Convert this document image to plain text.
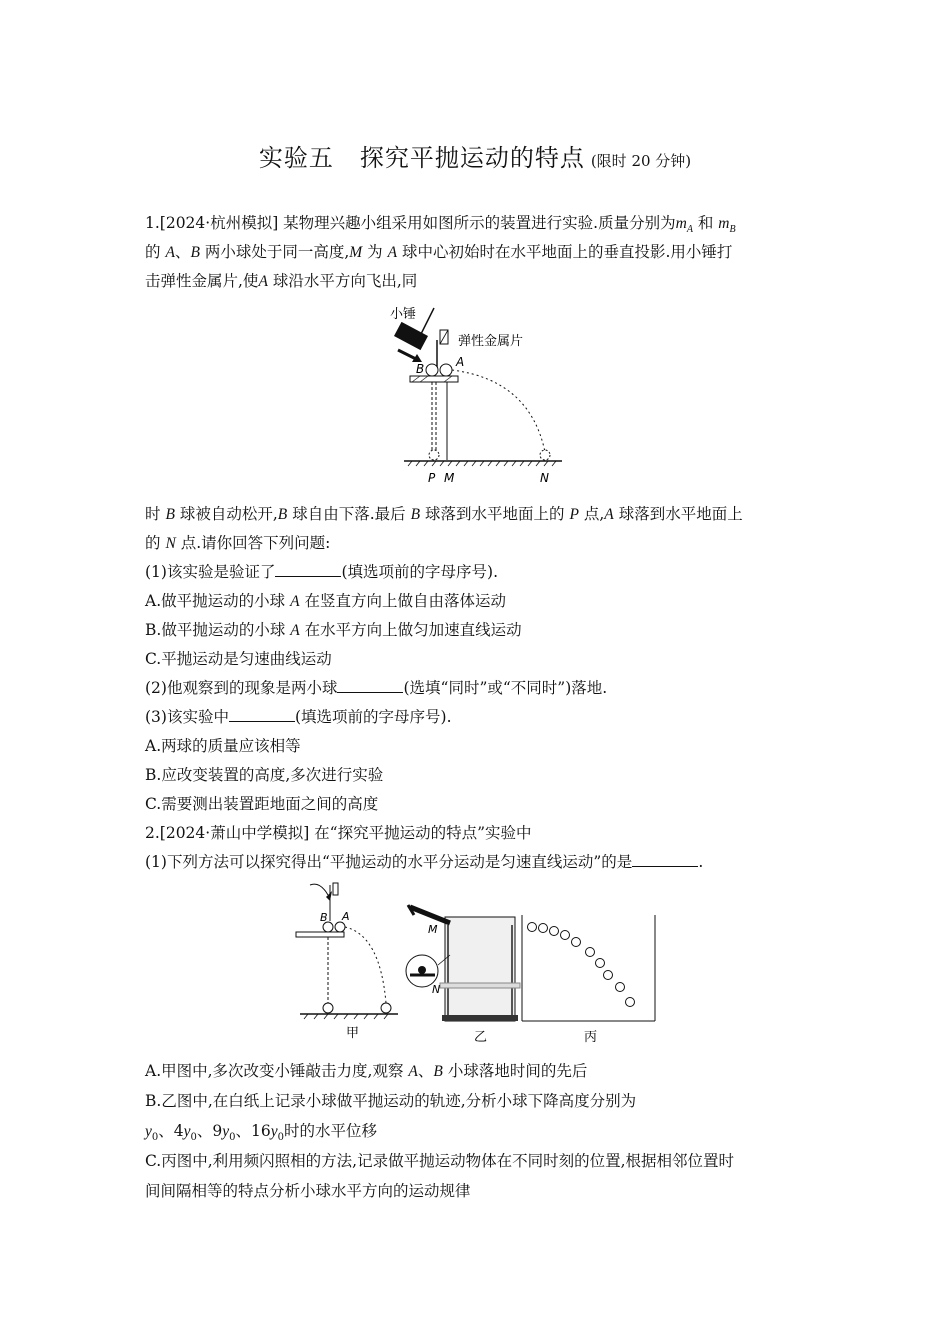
实验五 探究平抛运动的特点 (限时 20 分钟)
1.[2024·杭州模拟] 某物理兴趣小组采用如图所示的装置进行实验.质量分别为$m_A$ 和 $m_B$
的 A、B 两小球处于同一高度,M 为 A 球中心初始时在水平地面上的垂直投影.用小锤打
击弹性金属片,使A 球沿水平方向飞出,同
小锤
弹性金属片
B	A
P M	N
时 B 球被自动松开,B 球自由下落.最后 B 球落到水平地面上的 P 点,A 球落到水平地面上
的 N 点.请你回答下列问题:
(1)该实验是验证了	(填选项前的字母序号).
A.做平抛运动的小球 A 在竖直方向上做自由落体运动
B.做平抛运动的小球 A 在水平方向上做匀加速直线运动
C.平抛运动是匀速曲线运动
(2)他观察到的现象是两小球	(选填“同时”或“不同时”)落地.
(3)该实验中	(填选项前的字母序号).
A.两球的质量应该相等
B.应改变装置的高度,多次进行实验
C.需要测出装置距地面之间的高度
2.[2024·萧山中学模拟] 在“探究平抛运动的特点”实验中
(1)下列方法可以探究得出“平抛运动的水平分运动是匀速直线运动”的是	.
B A
甲
M
N
乙	丙
A.甲图中,多次改变小锤敲击力度,观察 A、B 小球落地时间的先后
B.乙图中,在白纸上记录小球做平抛运动的轨迹,分析小球下降高度分别为
$y_0$、$4y_0$、$9y_0$、$16y_0$时的水平位移
C.丙图中,利用频闪照相的方法,记录做平抛运动物体在不同时刻的位置,根据相邻位置时
间间隔相等的特点分析小球水平方向的运动规律
